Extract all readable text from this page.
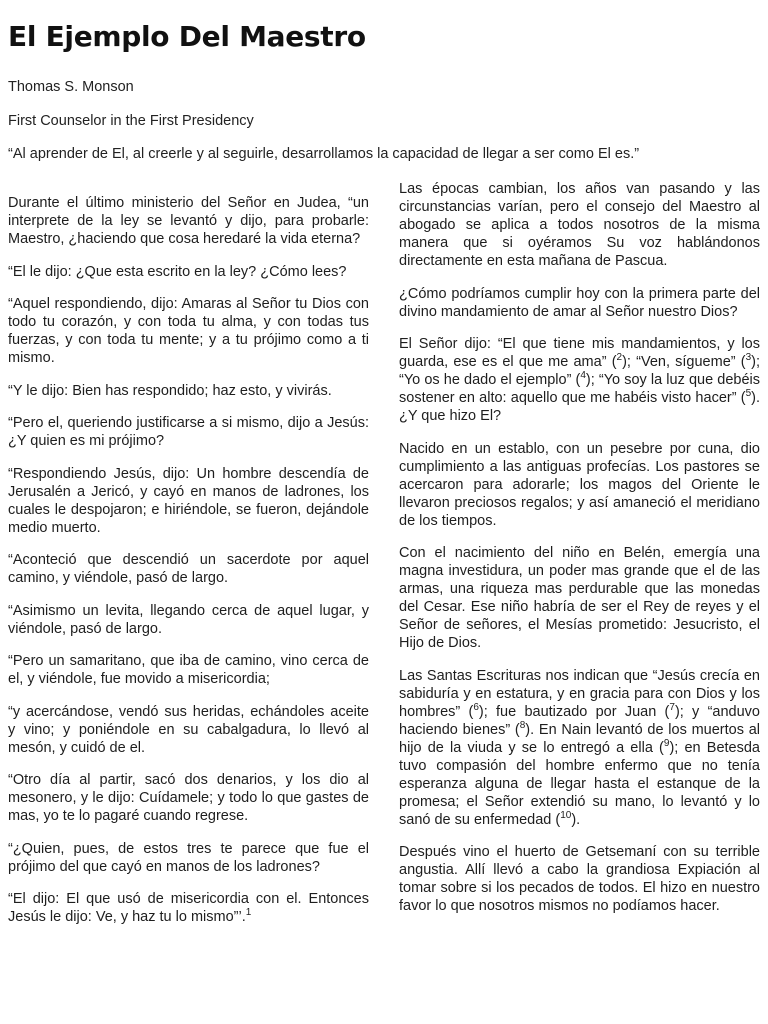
El Ejemplo Del Maestro

Thomas S. Monson

First Counselor in the First Presidency

“Al aprender de El, al creerle y al seguirle, desarrollamos la capacidad de llegar a ser como El es.”

Durante el último ministerio del Señor en Judea, “un interprete de la ley se levantó y dijo, para probarle: Maestro, ¿haciendo que cosa heredaré la vida eterna?

“El le dijo: ¿Que esta escrito en la ley? ¿Cómo lees?

“Aquel respondiendo, dijo: Amaras al Señor tu Dios con todo tu corazón, y con toda tu alma, y con todas tus fuerzas, y con toda tu mente; y a tu prójimo como a ti mismo.

“Y le dijo: Bien has respondido; haz esto, y vivirás.

“Pero el, queriendo justificarse a si mismo, dijo a Jesús: ¿Y quien es mi prójimo?

“Respondiendo Jesús, dijo: Un hombre descendía de Jerusalén a Jericó, y cayó en manos de ladrones, los cuales le despojaron; e hiriéndole, se fueron, dejándole medio muerto.

“Aconteció que descendió un sacerdote por aquel camino, y viéndole, pasó de largo.

“Asimismo un levita, llegando cerca de aquel lugar, y viéndole, pasó de largo.

“Pero un samaritano, que iba de camino, vino cerca de el, y viéndole, fue movido a misericordia;

“y acercándose, vendó sus heridas, echándoles aceite y vino; y poniéndole en su cabalgadura, lo llevó al mesón, y cuidó de el.

“Otro día al partir, sacó dos denarios, y los dio al mesonero, y le dijo: Cuídamele; y todo lo que gastes de mas, yo te lo pagaré cuando regrese.

“¿Quien, pues, de estos tres te parece que fue el prójimo del que cayó en manos de los ladrones?

“El dijo: El que usó de misericordia con el. Entonces Jesús le dijo: Ve, y haz tu lo mismo”’.$^1$

Las épocas cambian, los años van pasando y las circunstancias varían, pero el consejo del Maestro al abogado se aplica a todos nosotros de la misma manera que si oyéramos Su voz hablándonos directamente en esta mañana de Pascua.

¿Cómo podríamos cumplir hoy con la primera parte del divino mandamiento de amar al Señor nuestro Dios?

El Señor dijo: “El que tiene mis mandamientos, y los guarda, ese es el que me ama” ($^2$); “Ven, sígueme” ($^3$); “Yo os he dado el ejemplo” ($^4$); “Yo soy la luz que debéis sostener en alto: aquello que me habéis visto hacer” ($^5$). ¿Y que hizo El?

Nacido en un establo, con un pesebre por cuna, dio cumplimiento a las antiguas profecías. Los pastores se acercaron para adorarle; los magos del Oriente le llevaron preciosos regalos; y así amaneció el meridiano de los tiempos.

Con el nacimiento del niño en Belén, emergía una magna investidura, un poder mas grande que el de las armas, una riqueza mas perdurable que las monedas del Cesar. Ese niño habría de ser el Rey de reyes y el Señor de señores, el Mesías prometido: Jesucristo, el Hijo de Dios.

Las Santas Escrituras nos indican que “Jesús crecía en sabiduría y en estatura, y en gracia para con Dios y los hombres” ($^6$); fue bautizado por Juan ($^7$); y “anduvo haciendo bienes” ($^8$). En Nain levantó de los muertos al hijo de la viuda y se lo entregó a ella ($^9$); en Betesda tuvo compasión del hombre enfermo que no tenía esperanza alguna de llegar hasta el estanque de la promesa; el Señor extendió su mano, lo levantó y lo sanó de su enfermedad ($^{10}$).

Después vino el huerto de Getsemaní con su terrible angustia. Allí llevó a cabo la grandiosa Expiación al tomar sobre si los pecados de todos. El hizo en nuestro favor lo que nosotros mismos no podíamos hacer.
